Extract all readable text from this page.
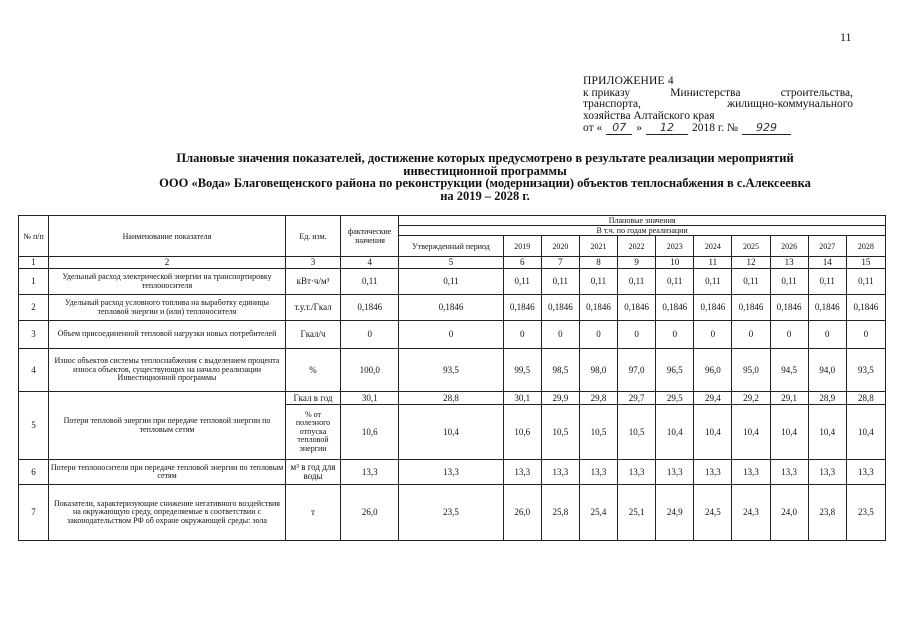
11
ПРИЛОЖЕНИЕ 4
к приказу	Министерства	строительства,
транспорта,	жилищно-коммунального
хозяйства Алтайского края
от « 07 »	12	2018 г. №	929
Плановые значения показателей, достижение которых предусмотрено в результате реализации мероприятий
инвестиционной программы
ООО «Вода» Благовещенского района по реконструкции (модернизации) объектов теплоснабжения в с.Алексеевка
на 2019 – 2028 г.
№ п/п	Наименование показателя	Ед. изм.	фактические значения	Плановые значения										
				В т.ч. по годам реализации										
				Утвержденный период	2019	2020	2021	2022	2023	2024	2025	2026	2027	2028
1	2	3	4	5	6	7	8	9	10	11	12	13	14	15
1	Удельный расход электрической энергии на транспортировку теплоносителя	кВт·ч/м³	0,11	0,11	0,11	0,11	0,11	0,11	0,11	0,11	0,11	0,11	0,11	0,11
2	Удельный расход условного топлива на выработку единицы тепловой энергии и (или) теплоносителя	т.у.т./Гкал	0,1846	0,1846	0,1846	0,1846	0,1846	0,1846	0,1846	0,1846	0,1846	0,1846	0,1846	0,1846
3	Объем присоединенной тепловой нагрузки новых потребителей	Гкал/ч	0	0	0	0	0	0	0	0	0	0	0	0
4	Износ объектов системы теплоснабжения с выделением процента износа объектов, существующих на начало реализации Инвестиционной программы	%	100,0	93,5	99,5	98,5	98,0	97,0	96,5	96,0	95,0	94,5	94,0	93,5
5	Потери тепловой энергии при передаче тепловой энергии по тепловым сетям	Гкал в год	30,1	28,8	30,1	29,9	29,8	29,7	29,5	29,4	29,2	29,1	28,9	28,8
		% от полезного отпуска тепловой энергии	10,6	10,4	10,6	10,5	10,5	10,5	10,4	10,4	10,4	10,4	10,4	10,4
6	Потери теплоносителя при передаче тепловой энергии по тепловым сетям	м³ в год для воды	13,3	13,3	13,3	13,3	13,3	13,3	13,3	13,3	13,3	13,3	13,3	13,3
7	Показатели, характеризующие снижение негативного воздействия на окружающую среду, определяемые в соответствии с законодательством РФ об охране окружающей среды: зола	т	26,0	23,5	26,0	25,8	25,4	25,1	24,9	24,5	24,3	24,0	23,8	23,5
